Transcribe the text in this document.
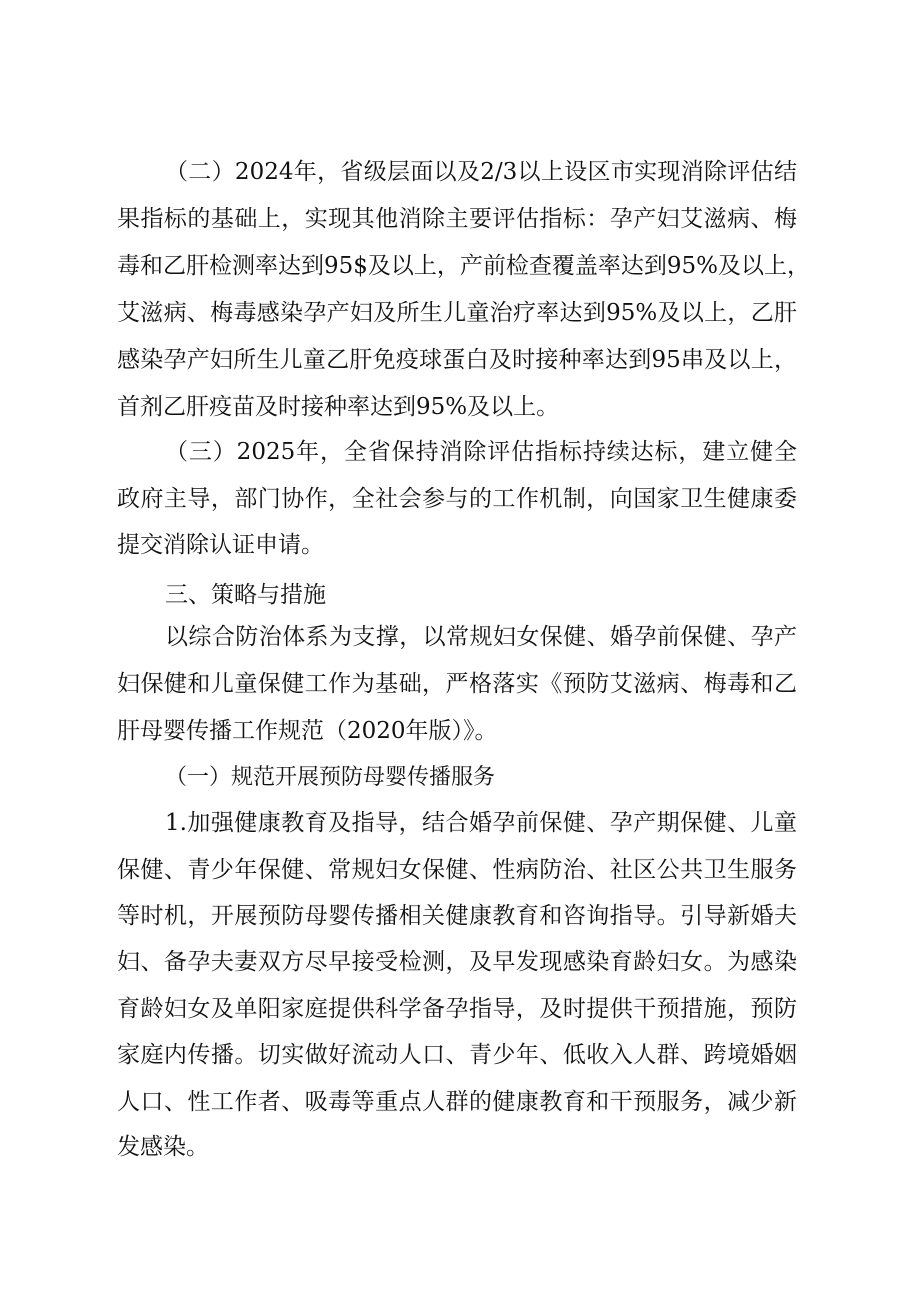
（二）2024年，省级层面以及2/3以上设区市实现消除评估结
果指标的基础上，实现其他消除主要评估指标：孕产妇艾滋病、梅
毒和乙肝检测率达到95$及以上，产前检查覆盖率达到95%及以上，
艾滋病、梅毒感染孕产妇及所生儿童治疗率达到95%及以上，乙肝
感染孕产妇所生儿童乙肝免疫球蛋白及时接种率达到95串及以上，
首剂乙肝疫苗及时接种率达到95%及以上。
（三）2025年，全省保持消除评估指标持续达标，建立健全
政府主导，部门协作，全社会参与的工作机制，向国家卫生健康委
提交消除认证申请。
三、策略与措施
以综合防治体系为支撑，以常规妇女保健、婚孕前保健、孕产
妇保健和儿童保健工作为基础，严格落实《预防艾滋病、梅毒和乙
肝母婴传播工作规范（2020年版）》。
（一）规范开展预防母婴传播服务
1.加强健康教育及指导，结合婚孕前保健、孕产期保健、儿童
保健、青少年保健、常规妇女保健、性病防治、社区公共卫生服务
等时机，开展预防母婴传播相关健康教育和咨询指导。引导新婚夫
妇、备孕夫妻双方尽早接受检测，及早发现感染育龄妇女。为感染
育龄妇女及单阳家庭提供科学备孕指导，及时提供干预措施，预防
家庭内传播。切实做好流动人口、青少年、低收入人群、跨境婚姻
人口、性工作者、吸毒等重点人群的健康教育和干预服务，减少新
发感染。
